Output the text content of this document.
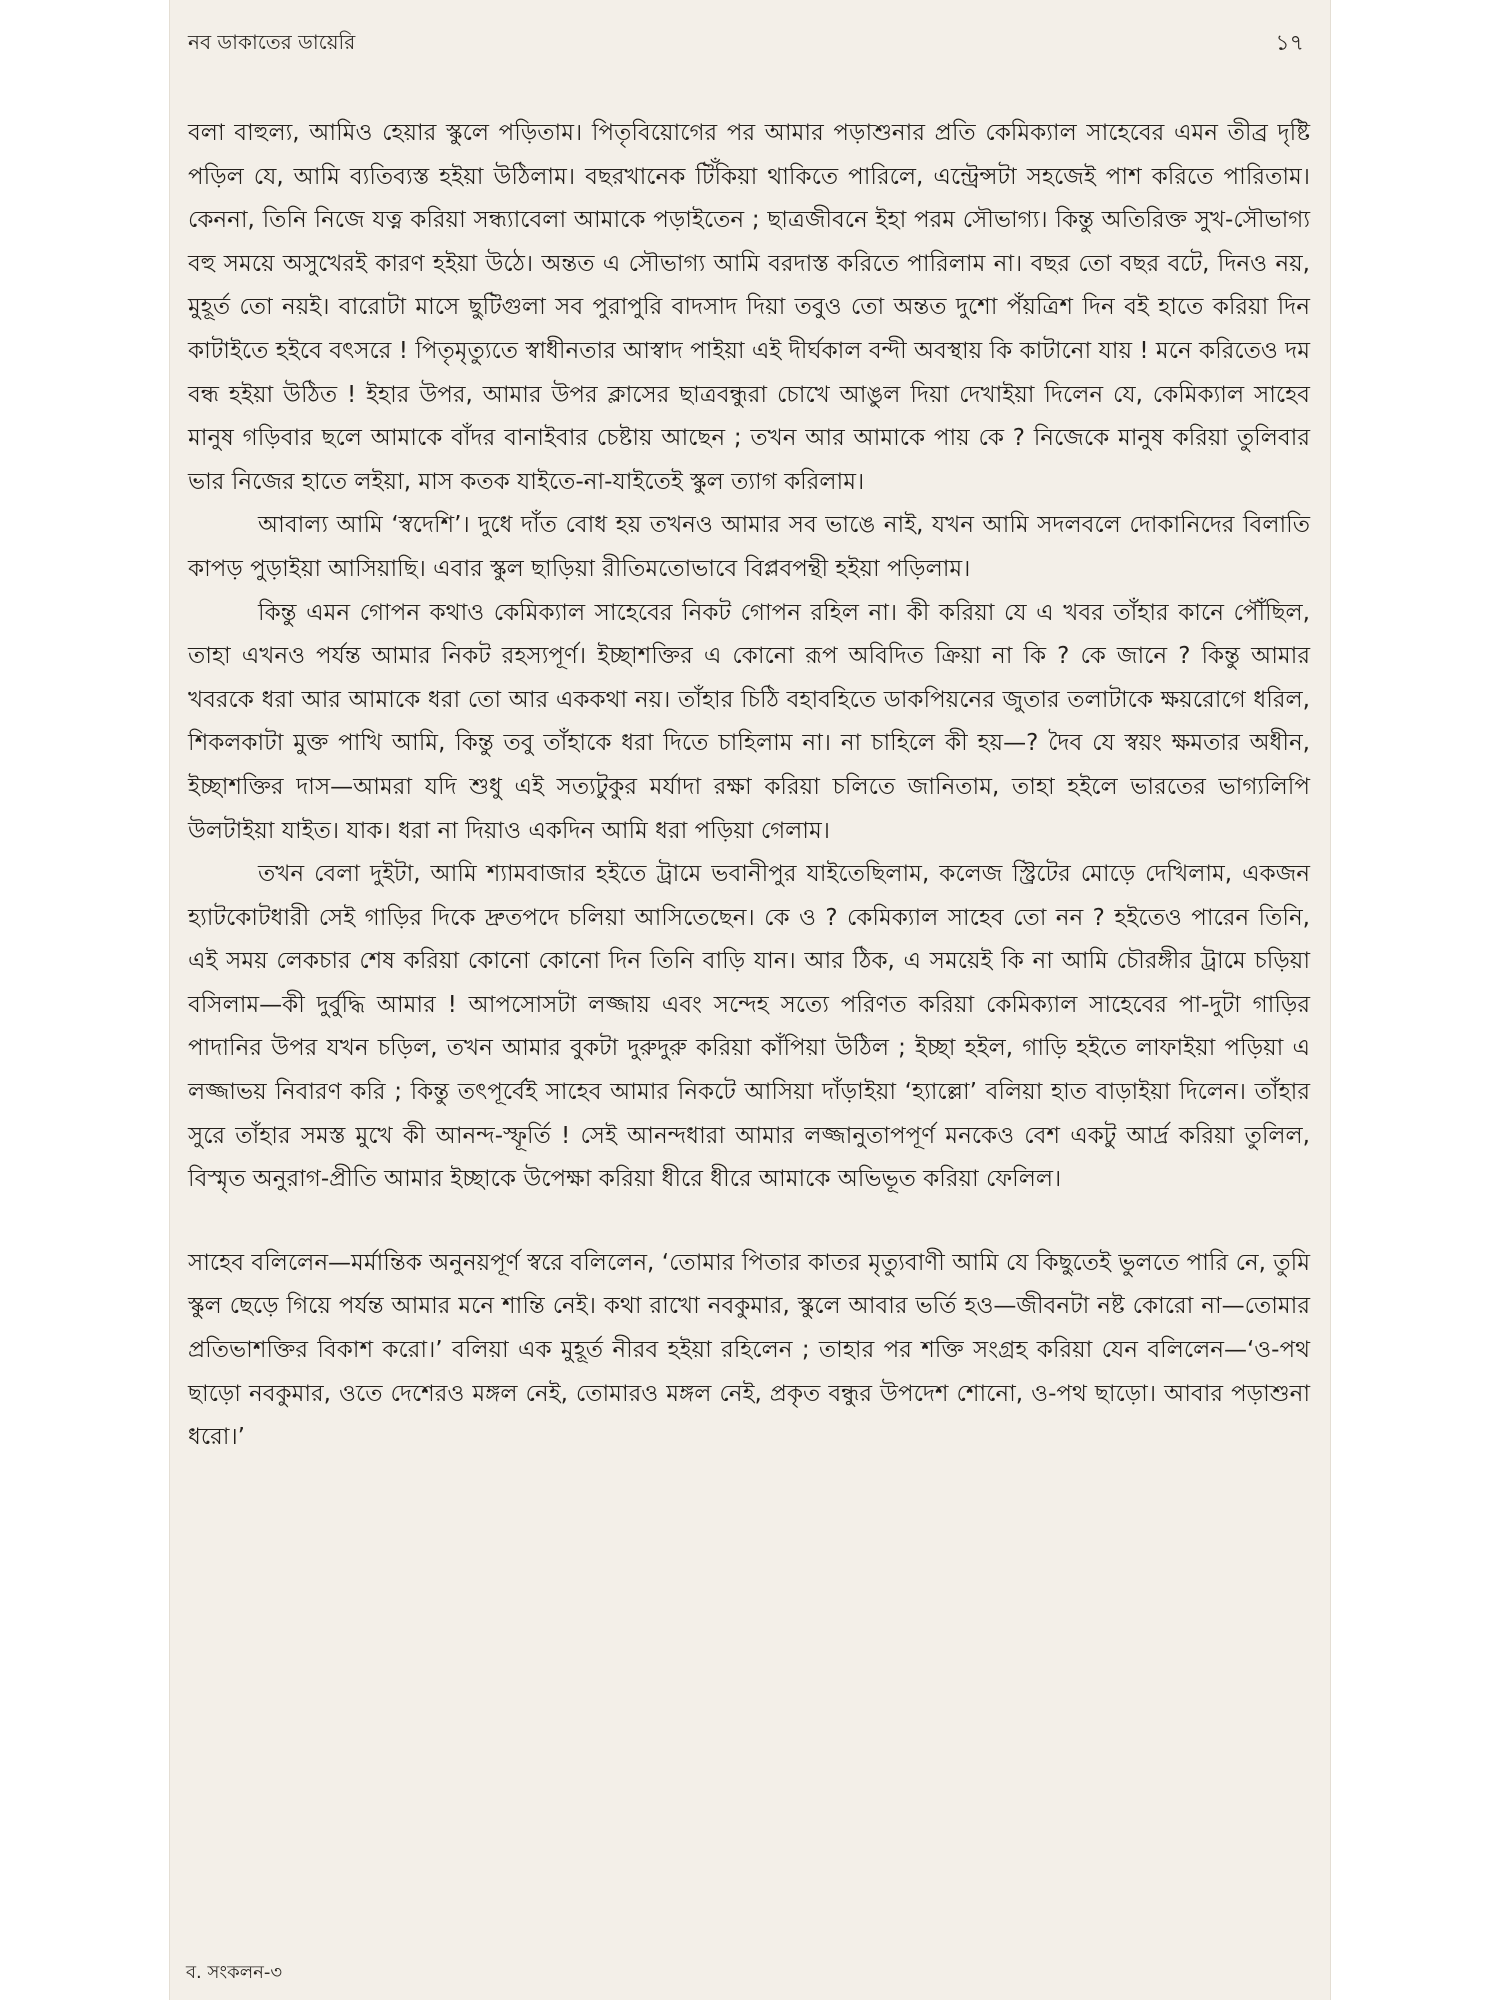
নব ডাকাতের ডায়েরি	১৭

বলা বাহুল্য, আমিও হেয়ার স্কুলে পড়িতাম। পিতৃবিয়োগের পর আমার পড়াশুনার প্রতি কেমিক্যাল সাহেবের এমন তীব্র দৃষ্টি পড়িল যে, আমি ব্যতিব্যস্ত হইয়া উঠিলাম। বছরখানেক টিঁকিয়া থাকিতে পারিলে, এন্ট্রেন্সটা সহজেই পাশ করিতে পারিতাম। কেননা, তিনি নিজে যত্ন করিয়া সন্ধ্যাবেলা আমাকে পড়াইতেন ; ছাত্রজীবনে ইহা পরম সৌভাগ্য। কিন্তু অতিরিক্ত সুখ-সৌভাগ্য বহু সময়ে অসুখেরই কারণ হইয়া উঠে। অন্তত এ সৌভাগ্য আমি বরদাস্ত করিতে পারিলাম না। বছর তো বছর বটে, দিনও নয়, মুহূর্ত তো নয়ই। বারোটা মাসে ছুটিগুলা সব পুরাপুরি বাদসাদ দিয়া তবুও তো অন্তত দুশো পঁয়ত্রিশ দিন বই হাতে করিয়া দিন কাটাইতে হইবে বৎসরে ! পিতৃমৃত্যুতে স্বাধীনতার আস্বাদ পাইয়া এই দীর্ঘকাল বন্দী অবস্থায় কি কাটানো যায় ! মনে করিতেও দম বন্ধ হইয়া উঠিত ! ইহার উপর, আমার উপর ক্লাসের ছাত্রবন্ধুরা চোখে আঙুল দিয়া দেখাইয়া দিলেন যে, কেমিক্যাল সাহেব মানুষ গড়িবার ছলে আমাকে বাঁদর বানাইবার চেষ্টায় আছেন ; তখন আর আমাকে পায় কে ? নিজেকে মানুষ করিয়া তুলিবার ভার নিজের হাতে লইয়া, মাস কতক যাইতে-না-যাইতেই স্কুল ত্যাগ করিলাম।

আবাল্য আমি ‘স্বদেশি’। দুধে দাঁত বোধ হয় তখনও আমার সব ভাঙে নাই, যখন আমি সদলবলে দোকানিদের বিলাতি কাপড় পুড়াইয়া আসিয়াছি। এবার স্কুল ছাড়িয়া রীতিমতোভাবে বিপ্লবপন্থী হইয়া পড়িলাম।

কিন্তু এমন গোপন কথাও কেমিক্যাল সাহেবের নিকট গোপন রহিল না। কী করিয়া যে এ খবর তাঁহার কানে পৌঁছিল, তাহা এখনও পর্যন্ত আমার নিকট রহস্যপূর্ণ। ইচ্ছাশক্তির এ কোনো রূপ অবিদিত ক্রিয়া না কি ? কে জানে ? কিন্তু আমার খবরকে ধরা আর আমাকে ধরা তো আর এককথা নয়। তাঁহার চিঠি বহাবহিতে ডাকপিয়নের জুতার তলাটাকে ক্ষয়রোগে ধরিল, শিকলকাটা মুক্ত পাখি আমি, কিন্তু তবু তাঁহাকে ধরা দিতে চাহিলাম না। না চাহিলে কী হয়—? দৈব যে স্বয়ং ক্ষমতার অধীন, ইচ্ছাশক্তির দাস—আমরা যদি শুধু এই সত্যটুকুর মর্যাদা রক্ষা করিয়া চলিতে জানিতাম, তাহা হইলে ভারতের ভাগ্যলিপি উলটাইয়া যাইত। যাক। ধরা না দিয়াও একদিন আমি ধরা পড়িয়া গেলাম।

তখন বেলা দুইটা, আমি শ্যামবাজার হইতে ট্রামে ভবানীপুর যাইতেছিলাম, কলেজ স্ট্রিটের মোড়ে দেখিলাম, একজন হ্যাটকোটধারী সেই গাড়ির দিকে দ্রুতপদে চলিয়া আসিতেছেন। কে ও ? কেমিক্যাল সাহেব তো নন ? হইতেও পারেন তিনি, এই সময় লেকচার শেষ করিয়া কোনো কোনো দিন তিনি বাড়ি যান। আর ঠিক, এ সময়েই কি না আমি চৌরঙ্গীর ট্রামে চড়িয়া বসিলাম—কী দুর্বুদ্ধি আমার ! আপসোসটা লজ্জায় এবং সন্দেহ সত্যে পরিণত করিয়া কেমিক্যাল সাহেবের পা-দুটা গাড়ির পাদানির উপর যখন চড়িল, তখন আমার বুকটা দুরুদুরু করিয়া কাঁপিয়া উঠিল ; ইচ্ছা হইল, গাড়ি হইতে লাফাইয়া পড়িয়া এ লজ্জাভয় নিবারণ করি ; কিন্তু তৎপূর্বেই সাহেব আমার নিকটে আসিয়া দাঁড়াইয়া ‘হ্যাল্লো’ বলিয়া হাত বাড়াইয়া দিলেন। তাঁহার সুরে তাঁহার সমস্ত মুখে কী আনন্দ-স্ফূর্তি ! সেই আনন্দধারা আমার লজ্জানুতাপপূর্ণ মনকেও বেশ একটু আর্দ্র করিয়া তুলিল, বিস্মৃত অনুরাগ-প্রীতি আমার ইচ্ছাকে উপেক্ষা করিয়া ধীরে ধীরে আমাকে অভিভূত করিয়া ফেলিল।

সাহেব বলিলেন—মর্মান্তিক অনুনয়পূর্ণ স্বরে বলিলেন, ‘তোমার পিতার কাতর মৃত্যুবাণী আমি যে কিছুতেই ভুলতে পারি নে, তুমি স্কুল ছেড়ে গিয়ে পর্যন্ত আমার মনে শান্তি নেই। কথা রাখো নবকুমার, স্কুলে আবার ভর্তি হও—জীবনটা নষ্ট কোরো না—তোমার প্রতিভাশক্তির বিকাশ করো।’ বলিয়া এক মুহূর্ত নীরব হইয়া রহিলেন ; তাহার পর শক্তি সংগ্রহ করিয়া যেন বলিলেন—‘ও-পথ ছাড়ো নবকুমার, ওতে দেশেরও মঙ্গল নেই, তোমারও মঙ্গল নেই, প্রকৃত বন্ধুর উপদেশ শোনো, ও-পথ ছাড়ো। আবার পড়াশুনা ধরো।’

ব. সংকলন-৩
